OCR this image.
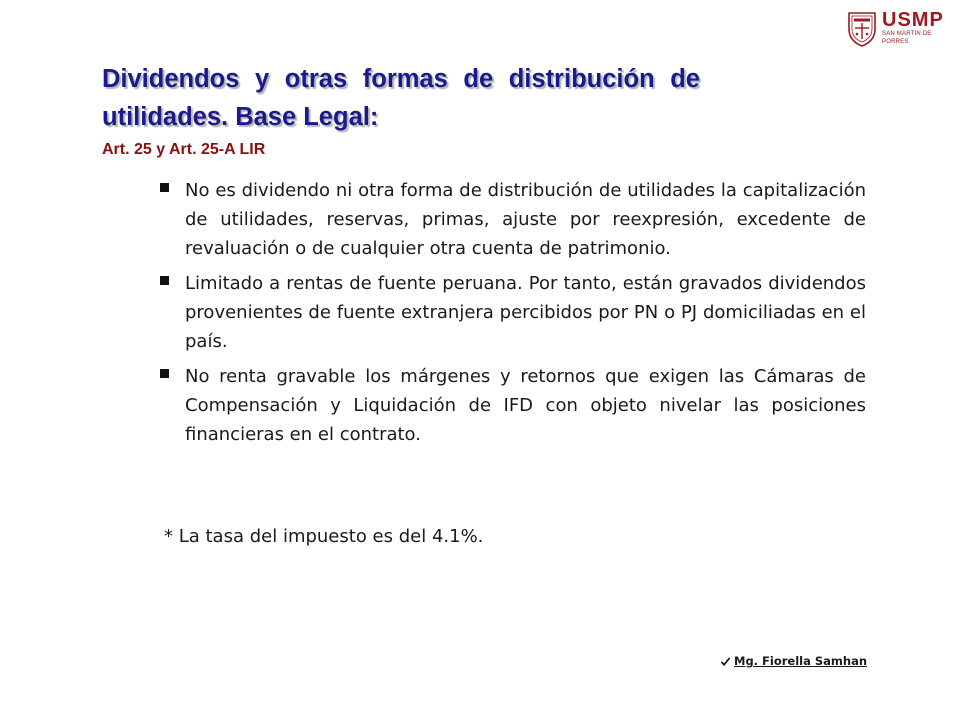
USMP
SAN MARTIN DE PORRES
Dividendos y otras formas de distribución de utilidades. Base Legal:
Art. 25 y Art. 25-A LIR
No es dividendo ni otra forma de distribución de utilidades la capitalización de utilidades, reservas, primas, ajuste por reexpresión, excedente de revaluación o de cualquier otra cuenta de patrimonio.
Limitado a rentas de fuente peruana. Por tanto, están gravados dividendos provenientes de fuente extranjera percibidos por PN o PJ domiciliadas en el país.
No renta gravable los márgenes y retornos que exigen las Cámaras de Compensación y Liquidación de IFD con objeto nivelar las posiciones financieras en el contrato.
* La tasa del impuesto es del 4.1%.
Mg. Fiorella Samhan
